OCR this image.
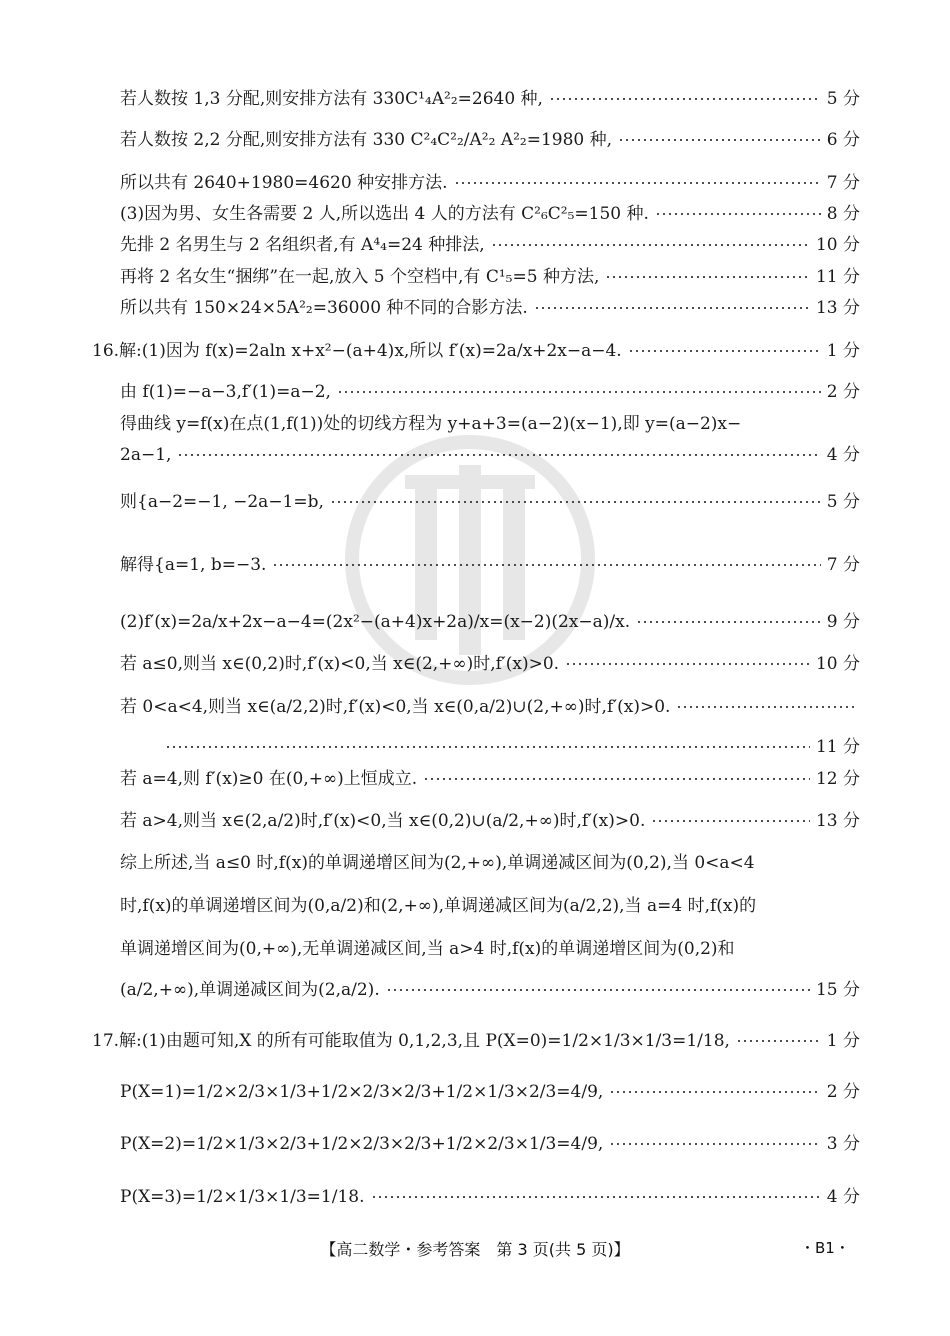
若人数按 1,3 分配,则安排方法有 330C¹₄A²₂=2640 种,	5 分
若人数按 2,2 分配,则安排方法有 330 C²₄C²₂/A²₂ A²₂=1980 种,	6 分
所以共有 2640+1980=4620 种安排方法.	7 分
(3)因为男、女生各需要 2 人,所以选出 4 人的方法有 C²₆C²₅=150 种.	8 分
先排 2 名男生与 2 名组织者,有 A⁴₄=24 种排法,	10 分
再将 2 名女生“捆绑”在一起,放入 5 个空档中,有 C¹₅=5 种方法,	11 分
所以共有 150×24×5A²₂=36000 种不同的合影方法.	13 分
16.解:(1)因为 f(x)=2aln x+x²−(a+4)x,所以 f′(x)=2a/x+2x−a−4.	1 分
由 f(1)=−a−3,f′(1)=a−2,	2 分
得曲线 y=f(x)在点(1,f(1))处的切线方程为 y+a+3=(a−2)(x−1),即 y=(a−2)x−
2a−1,	4 分
则{a−2=−1, −2a−1=b,	5 分
解得{a=1, b=−3.	7 分
(2)f′(x)=2a/x+2x−a−4=(2x²−(a+4)x+2a)/x=(x−2)(2x−a)/x.	9 分
若 a≤0,则当 x∈(0,2)时,f′(x)<0,当 x∈(2,+∞)时,f′(x)>0.	10 分
若 0<a<4,则当 x∈(a/2,2)时,f′(x)<0,当 x∈(0,a/2)∪(2,+∞)时,f′(x)>0.
11 分
若 a=4,则 f′(x)≥0 在(0,+∞)上恒成立.	12 分
若 a>4,则当 x∈(2,a/2)时,f′(x)<0,当 x∈(0,2)∪(a/2,+∞)时,f′(x)>0.	13 分
综上所述,当 a≤0 时,f(x)的单调递增区间为(2,+∞),单调递减区间为(0,2),当 0<a<4
时,f(x)的单调递增区间为(0,a/2)和(2,+∞),单调递减区间为(a/2,2),当 a=4 时,f(x)的
单调递增区间为(0,+∞),无单调递减区间,当 a>4 时,f(x)的单调递增区间为(0,2)和
(a/2,+∞),单调递减区间为(2,a/2).	15 分
17.解:(1)由题可知,X 的所有可能取值为 0,1,2,3,且 P(X=0)=1/2×1/3×1/3=1/18,	1 分
P(X=1)=1/2×2/3×1/3+1/2×2/3×2/3+1/2×1/3×2/3=4/9,	2 分
P(X=2)=1/2×1/3×2/3+1/2×2/3×2/3+1/2×2/3×1/3=4/9,	3 分
P(X=3)=1/2×1/3×1/3=1/18.	4 分
【高二数学・参考答案　第 3 页(共 5 页)】	・B1・
